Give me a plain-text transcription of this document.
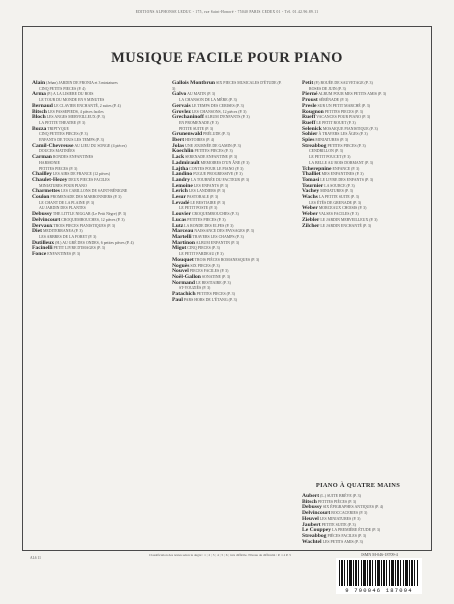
EDITIONS ALPHONSE LEDUC - 175, rue Saint-Honoré - 75040 PARIS CEDEX 01 - Tél. 01.42.96.89.11
MUSIQUE FACILE POUR PIANO
Alain (Jehan) JARDIN DE FRONIA et 3 miniatures
CINQ PETITS PIECES (P. 4)
Arma (P.) A LA LISIERE DU BOIS
LE TOUR DU MONDE EN 9 MINUTES
Bernaud LE CLAVIER ENCHANTÉ, 2 suites (P. 4)
Bitsch LES PASSEPIEDS, 4 pièces faciles
Bloch LES ANGES MERVEILLEUX (P. 3)
LA PETITE THEATRE (P. 3)
Bozza TRIPTYQUE
CINQ PETITES PIECES (P. 3)
ENFANTS DE TOUS LES TEMPS (P. 3)
Camil-Chevreuse AU LIEU DU SONGE (4 pièces)
DOUCES MATINÉES
Carman RONDES ENFANTINES
HARMONIE
PETITES PIECES (P. 3)
Chailley LES AIRS DE FRANCE (12 pièces)
Chaulet-Hezey DEUX PIECES FACILES
MINIATURES POUR PIANO
Charmettes LES CARILLONS DE SAINT-BÉNIGNE
Coulon PROMENADE DES MARRONNIERS (P. 3)
LE CHANT DE LA PLAINE (P. 3)
AU JARDIN DES PLANTES
Debussy THE LITTLE NIGGAR (Le Petit Nègre) (P. 3)
Delvincourt CROQUEMBOUCHES, 12 pièces (P. 3)
Dervaux TROIS PIECES PIANISTIQUES (P. 3)
Diet MEDITERRANEA (P. 3)
LES ARBRES DE LA FORET (P. 3)
Dutilleux (H.) AU GRÉ DES ONDES, 6 petites pièces (P. 4)
Facinelli PETIT LIVRE D'IMAGES (P. 3)
Fonce ENFANTINES (P. 3)
Gallois Montbrun SIX PIECES MUSICALES D'ÉTUDE (P. 3)
Galvo AU MATIN (P. 3)
LA CHANSON DE LA MÈRE (P. 3)
Gervais LE TEMPS DES CERISES (P. 3)
Grovlez LES CHANSONS, 12 pièces (P. 3)
Grechaninoff ALBUM D'ENFANTS (P. 3)
EN PROMENADE (P. 3)
PETITE SUITE (P. 3)
Grunenwald PRÉLUDE (P. 3)
Ibert HISTOIRES (P. 4)
Jolas UNE JOURNÉE DE GAMIN (P. 3)
Koechlin PETITES PIECES (P. 3)
Lack SERENADE ENFANTINE (P. 3)
Ladmirault MEMOIRES D'UN ÂNE (P. 3)
Lajtha CONTES POUR LE PIANO (P. 3)
Landino FUGUE PROGRESSIVE (P. 3)
Landry LA TOURNÉE DU FACTEUR (P. 3)
Lemoine LES ENFANTS (P. 3)
Lerich LES LANDIERS (P. 3)
Lesur PASTORALE (P. 3)
Levadé LE BESTIAIRE (P. 3)
LE PETIT POSTE (P. 3)
Louvier CROQUEMBOUCHES (P. 3)
Lucas PETITES PIECES (P. 3)
Lutz LA RONDE DES ELFES (P. 3)
Marceau NAISSANCE DES PAYSAGES (P. 3)
Martelli TRAVERS LES CHAMPS (P. 3)
Martinon ALBUM ENFANTIN (P. 3)
Migot CINQ PIECES (P. 3)
LE PETIT FARDEAU (P. 3)
Mouquet TROIS PIÈCES ROMANESQUES (P. 3)
Noguès SIX PIECES (P. 3)
Nouvel PIECES FACILES (P. 3)
Noël-Gallon SONATINE (P. 3)
Normand LE BESTIAIRE (P. 3)
ST-YOUZIÈS (P. 3)
Patachich PETITES PIECES (P. 3)
Paul PARS HORS DE L'ÉTANG (P. 3)
Petit (P.) BOUÉE DE SAUVETAGE (P. 3)
ROSES DE JUIN (P. 3)
Pierné ALBUM POUR MES PETITS AMIS (P. 3)
Proust SÉRÉNADE (P. 3)
Presle SUR UN PETIT MARCHÉ (P. 3)
Rougnon PETITES PIECES (P. 3)
Rueff VACANCES POUR PIANO (P. 3)
Rueff LE PETIT ROUET (P. 3)
Selenick MOSAIQUE PIANISTIQUE (P. 3)
Sohier À TRAVERS LES ÂGES (P. 3)
Spies MINIATURES (P. 3)
Streabbog PETITES PIECES (P. 3)
CENDRILLON (P. 3)
LE PETIT POUCET (P. 3)
LA BELLE AU BOIS DORMANT (P. 3)
Tcherepnine ENFANCE (P. 3)
Thalliet MES ENFANTINES (P. 3)
Tomasi LE LIVRE DES ENFANTS (P. 3)
Tournier LA SOURCE (P. 3)
Vachey MINIATURES (P. 3)
Wachs LA PETITE SUITE (P. 3)
LES ÉTÉS DE GRENADE (P. 3)
Weber MORCEAUX CHOISIS (P. 3)
Weber VALSES FACILES (P. 3)
Ziebler LE JARDIN MERVEILLEUX (P. 3)
Zilcher LE JARDIN ENCHANTÉ (P. 3)
PIANO À QUATRE MAINS
Aubert (L.) SUITE BRÈVE (P. 3)
Bitsch PETITES PIÈCES (P. 3)
Debussy SIX ÉPIGRAPHES ANTIQUES (P. 4)
Delvincourt BOCCACERIES (P. 3)
Heuvel LES MINIATURES (P. 3)
Jaubert PETITE SUITE (P. 3)
Le Couppey LA PREMIÈRE ÉTUDE (P. 3)
Streabbog PIÈCES FACILES (P. 3)
Wachtel LES PETITS AMIS (P. 3)
AL6 11
Classification des textes selon le degré : 1 ; 2 ; 3 ; 4 ; 5 ; 6 ; très difficile. Niveau de difficulté : P. 1 à P. 5	ISMN M-046-18709-4
9 790046 187094
